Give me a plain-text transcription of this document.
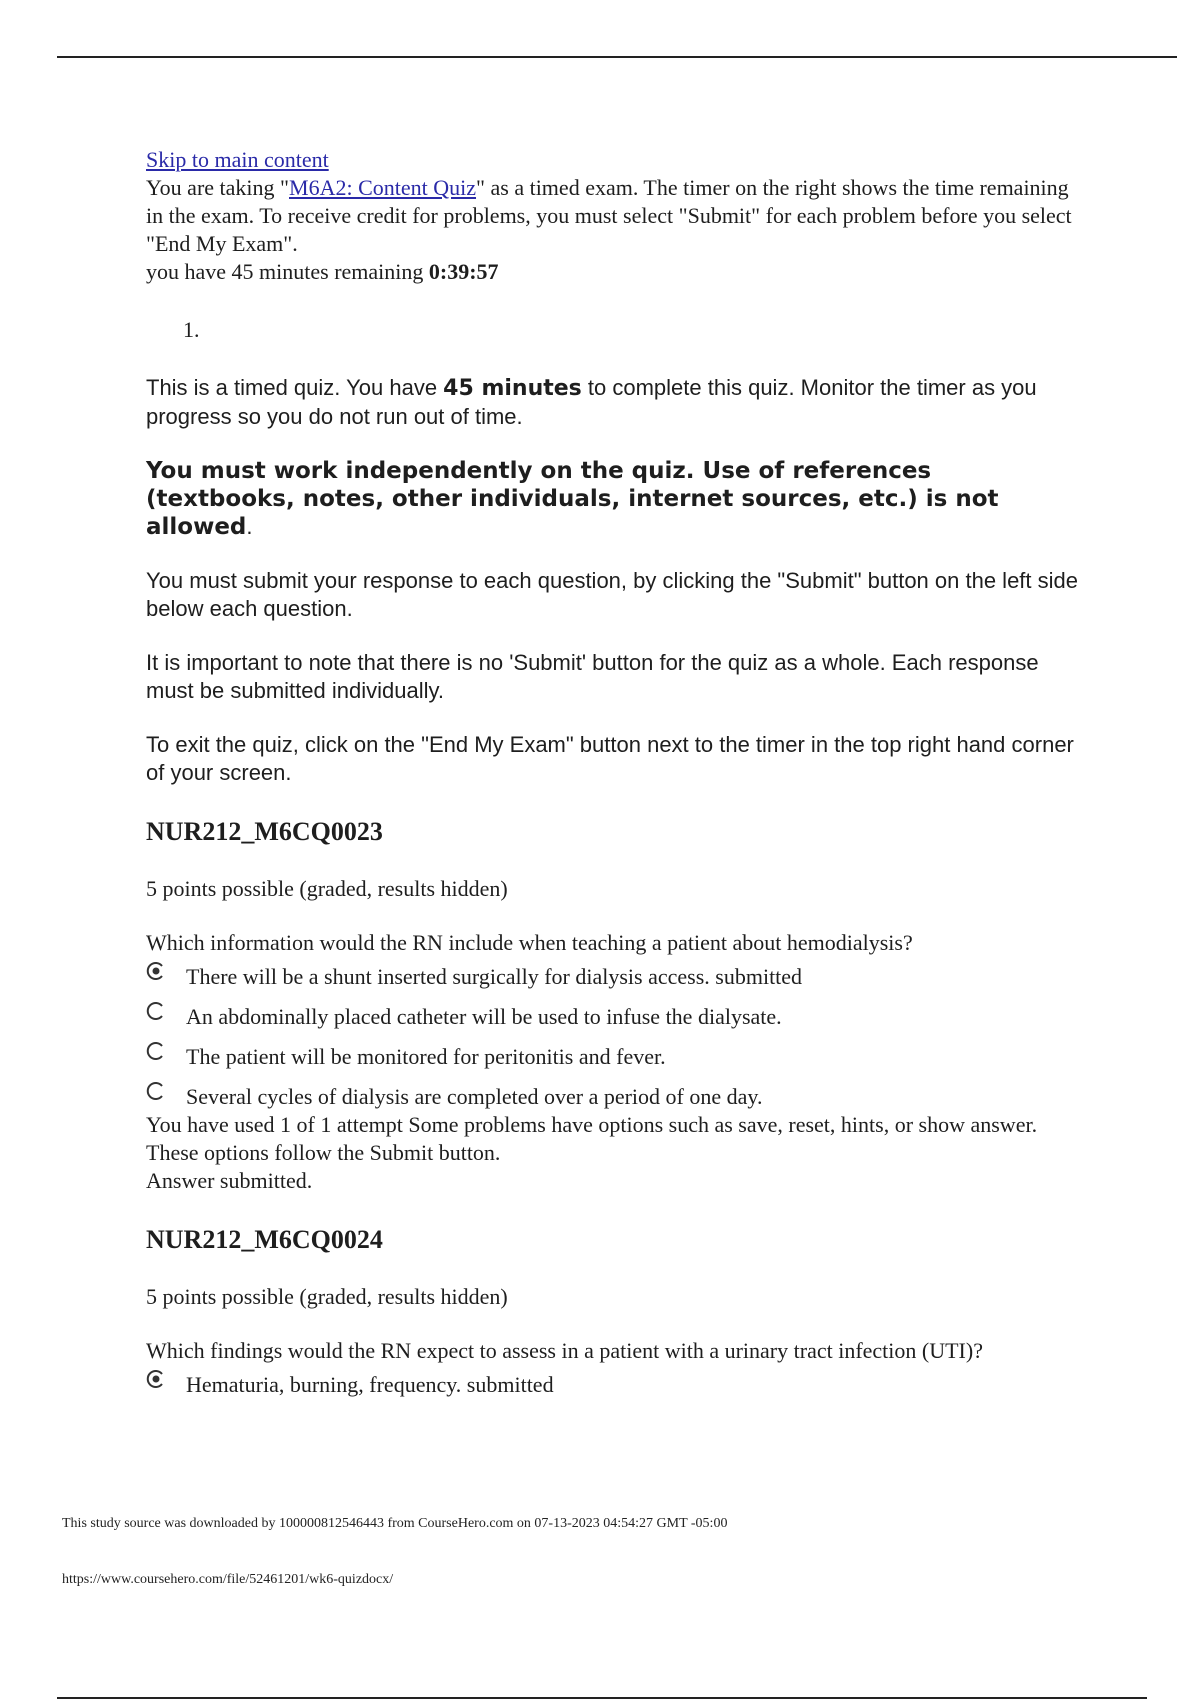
Skip to main content

You are taking "M6A2: Content Quiz" as a timed exam. The timer on the right shows the time remaining in the exam. To receive credit for problems, you must select "Submit" for each problem before you select "End My Exam".

you have 45 minutes remaining 0:39:57

1.

This is a timed quiz. You have 45 minutes to complete this quiz. Monitor the timer as you progress so you do not run out of time.

You must work independently on the quiz. Use of references (textbooks, notes, other individuals, internet sources, etc.) is not allowed.

You must submit your response to each question, by clicking the "Submit" button on the left side below each question.

It is important to note that there is no 'Submit' button for the quiz as a whole. Each response must be submitted individually.

To exit the quiz, click on the "End My Exam" button next to the timer in the top right hand corner of your screen.

NUR212_M6CQ0023

5 points possible (graded, results hidden)

Which information would the RN include when teaching a patient about hemodialysis?

There will be a shunt inserted surgically for dialysis access. submitted
An abdominally placed catheter will be used to infuse the dialysate.
The patient will be monitored for peritonitis and fever.
Several cycles of dialysis are completed over a period of one day.

You have used 1 of 1 attempt Some problems have options such as save, reset, hints, or show answer. These options follow the Submit button.

Answer submitted.

NUR212_M6CQ0024

5 points possible (graded, results hidden)

Which findings would the RN expect to assess in a patient with a urinary tract infection (UTI)?

Hematuria, burning, frequency. submitted
This study source was downloaded by 100000812546443 from CourseHero.com on 07-13-2023 04:54:27 GMT -05:00
https://www.coursehero.com/file/52461201/wk6-quizdocx/
